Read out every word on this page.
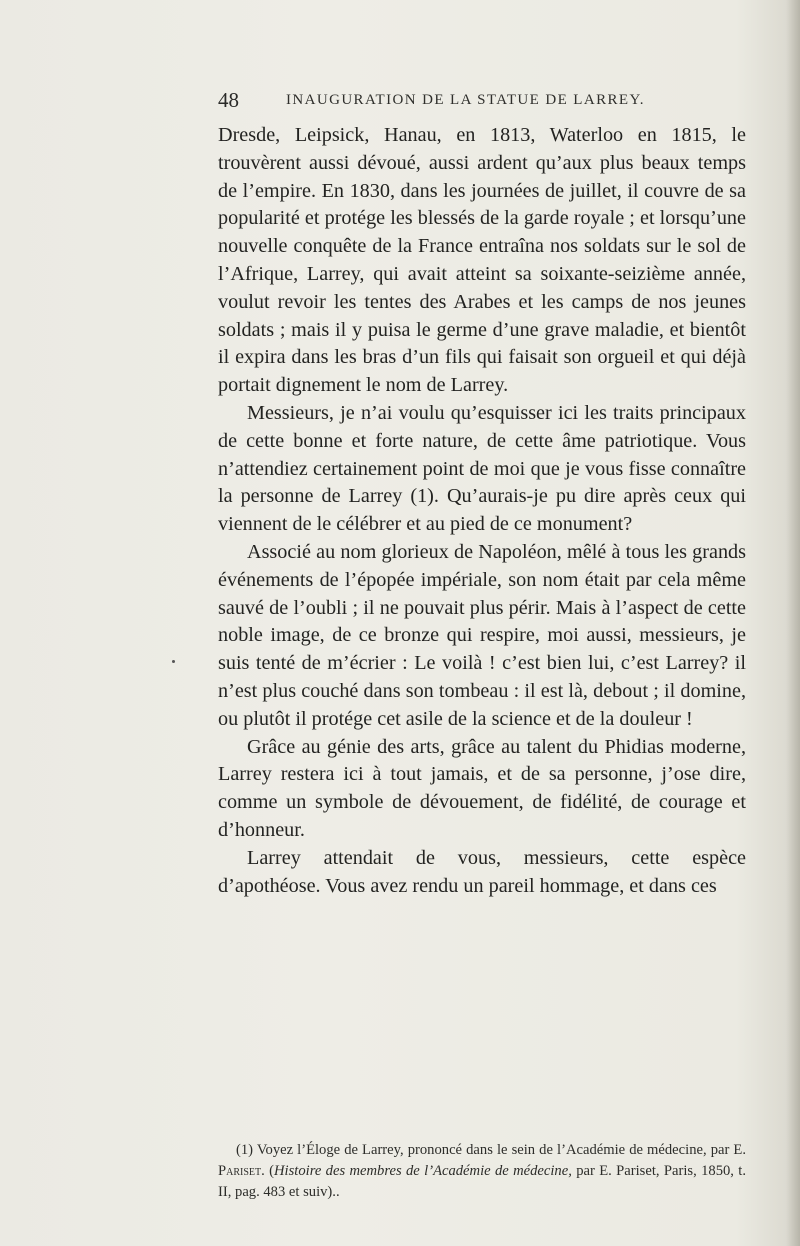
48	INAUGURATION DE LA STATUE DE LARREY.

Dresde, Leipsick, Hanau, en 1813, Waterloo en 1815, le trouvèrent aussi dévoué, aussi ardent qu’aux plus beaux temps de l’empire. En 1830, dans les journées de juillet, il couvre de sa popularité et protége les blessés de la garde royale ; et lorsqu’une nouvelle conquête de la France entraîna nos soldats sur le sol de l’Afrique, Larrey, qui avait atteint sa soixante-seizième année, voulut revoir les tentes des Arabes et les camps de nos jeunes soldats ; mais il y puisa le germe d’une grave maladie, et bientôt il expira dans les bras d’un fils qui faisait son orgueil et qui déjà portait dignement le nom de Larrey.

Messieurs, je n’ai voulu qu’esquisser ici les traits principaux de cette bonne et forte nature, de cette âme patriotique. Vous n’attendiez certainement point de moi que je vous fisse connaître la personne de Larrey (1). Qu’aurais-je pu dire après ceux qui viennent de le célébrer et au pied de ce monument?

Associé au nom glorieux de Napoléon, mêlé à tous les grands événements de l’épopée impériale, son nom était par cela même sauvé de l’oubli ; il ne pouvait plus périr. Mais à l’aspect de cette noble image, de ce bronze qui respire, moi aussi, messieurs, je suis tenté de m’écrier : Le voilà ! c’est bien lui, c’est Larrey? il n’est plus couché dans son tombeau : il est là, debout ; il domine, ou plutôt il protége cet asile de la science et de la douleur !

Grâce au génie des arts, grâce au talent du Phidias moderne, Larrey restera ici à tout jamais, et de sa personne, j’ose dire, comme un symbole de dévouement, de fidélité, de courage et d’honneur.

Larrey attendait de vous, messieurs, cette espèce d’apothéose. Vous avez rendu un pareil hommage, et dans ces

(1) Voyez l’Éloge de Larrey, prononcé dans le sein de l’Académie de médecine, par E. Pariset. (Histoire des membres de l’Académie de médecine, par E. Pariset, Paris, 1850, t. II, pag. 483 et suiv)..
